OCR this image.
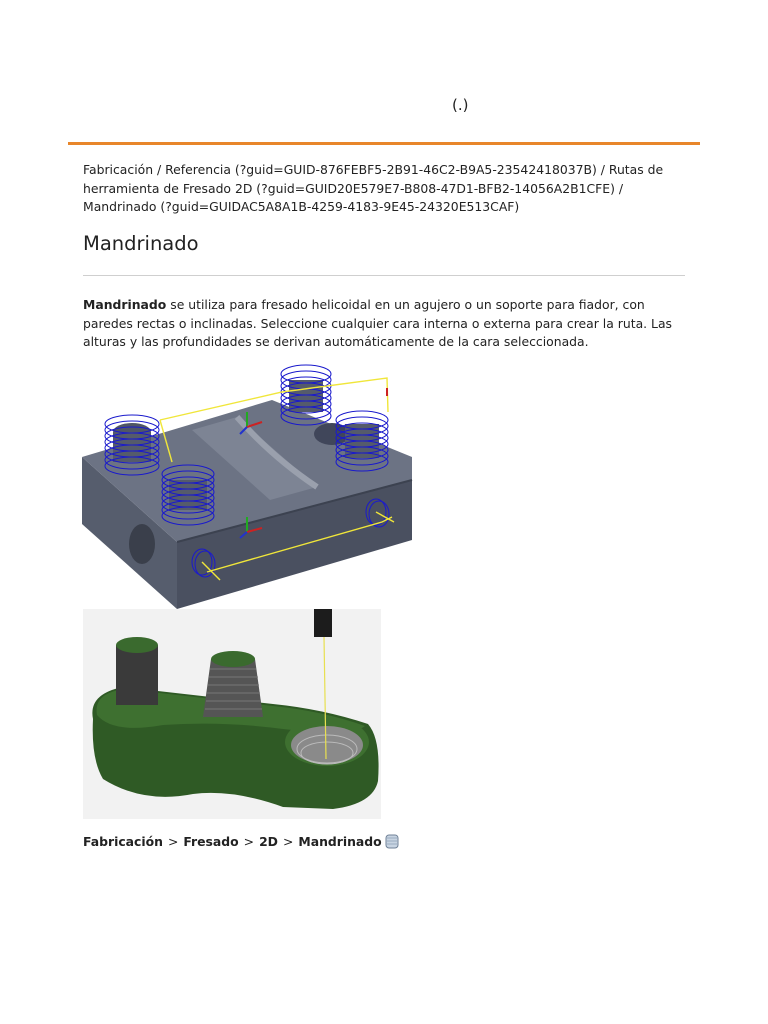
(.)
Fabricación / Referencia (?guid=GUID-876FEBF5-2B91-46C2-B9A5-23542418037B) / Rutas de herramienta de Fresado 2D (?guid=GUID20E579E7-B808-47D1-BFB2-14056A2B1CFE) / Mandrinado (?guid=GUIDAC5A8A1B-4259-4183-9E45-24320E513CAF)
Mandrinado

Mandrinado se utiliza para fresado helicoidal en un agujero o un soporte para fiador, con paredes rectas o inclinadas. Seleccione cualquier cara interna o externa para crear la ruta. Las alturas y las profundidades se derivan automáticamente de la cara seleccionada.

Fabricación > Fresado > 2D > Mandrinado
